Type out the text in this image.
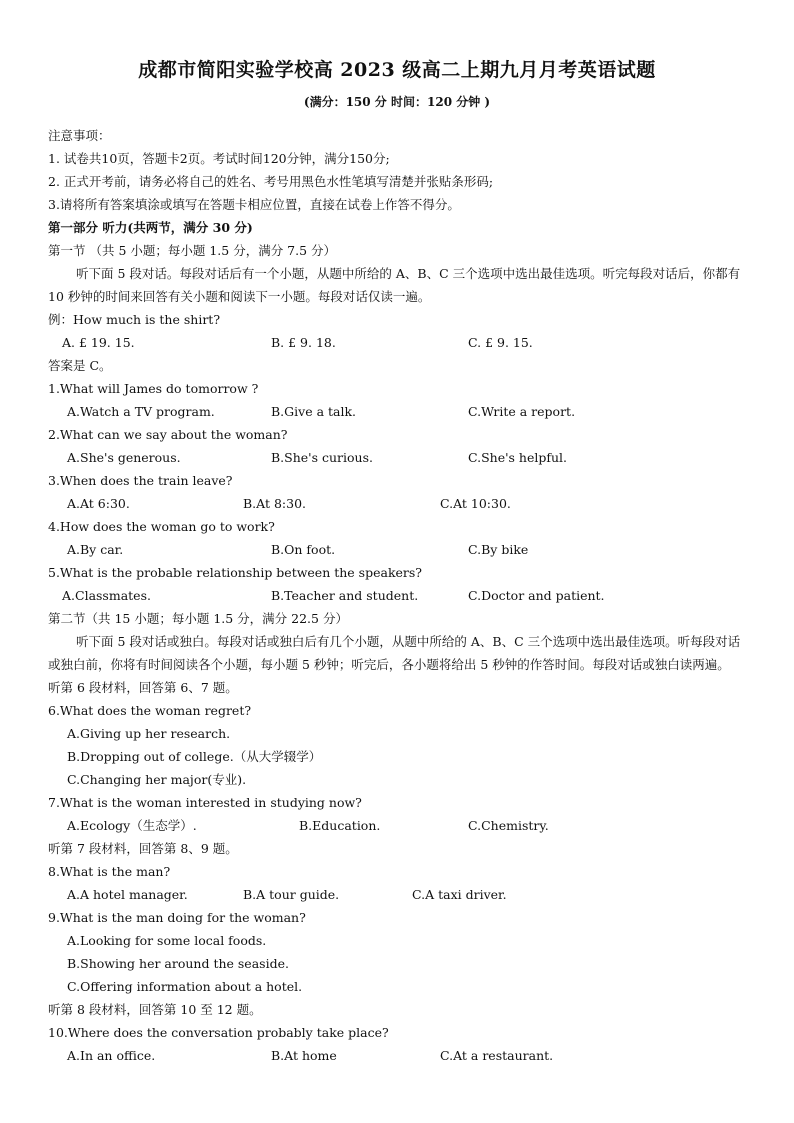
成都市简阳实验学校高 2023 级高二上期九月月考英语试题
(满分：150 分 时间：120 分钟 )
注意事项：
1. 试卷共10页，答题卡2页。考试时间120分钟，满分150分;
2. 正式开考前，请务必将自己的姓名、考号用黑色水性笔填写清楚并张贴条形码;
3.请将所有答案填涂或填写在答题卡相应位置，直接在试卷上作答不得分。
第一部分 听力(共两节，满分 30 分)
第一节 （共 5 小题；每小题 1.5 分，满分 7.5 分）
听下面 5 段对话。每段对话后有一个小题，从题中所给的 A、B、C 三个选项中选出最佳选项。听完每段对话后，你都有 10 秒钟的时间来回答有关小题和阅读下一小题。每段对话仅读一遍。
例：How much is the shirt?
A. £ 19. 15.	B. £ 9. 18.	C. £ 9. 15.
答案是 C。
1.What will James do tomorrow ?
A.Watch a TV program.	B.Give a talk.	C.Write a report.
2.What can we say about the woman?
A.She's generous.	B.She's curious.	C.She's helpful.
3.When does the train leave?
A.At 6:30.	B.At 8:30.	C.At 10:30.
4.How does the woman go to work?
A.By car.	B.On foot.	C.By bike
5.What is the probable relationship between the speakers?
A.Classmates.	B.Teacher and student.	C.Doctor and patient.
第二节（共 15 小题；每小题 1.5 分，满分 22.5 分）
听下面 5 段对话或独白。每段对话或独白后有几个小题，从题中所给的 A、B、C 三个选项中选出最佳选项。听每段对话或独白前，你将有时间阅读各个小题，每小题 5 秒钟；听完后，各小题将给出 5 秒钟的作答时间。每段对话或独白读两遍。
听第 6 段材料，回答第 6、7 题。
6.What does the woman regret?
A.Giving up her research.
B.Dropping out of college.（从大学辍学）
C.Changing her major(专业).
7.What is the woman interested in studying now?
A.Ecology（生态学）.	B.Education.	C.Chemistry.
听第 7 段材料，回答第 8、9 题。
8.What is the man?
A.A hotel manager.	B.A tour guide.	C.A taxi driver.
9.What is the man doing for the woman?
A.Looking for some local foods.
B.Showing her around the seaside.
C.Offering information about a hotel.
听第 8 段材料，回答第 10 至 12 题。
10.Where does the conversation probably take place?
A.In an office.	B.At home	C.At a restaurant.
